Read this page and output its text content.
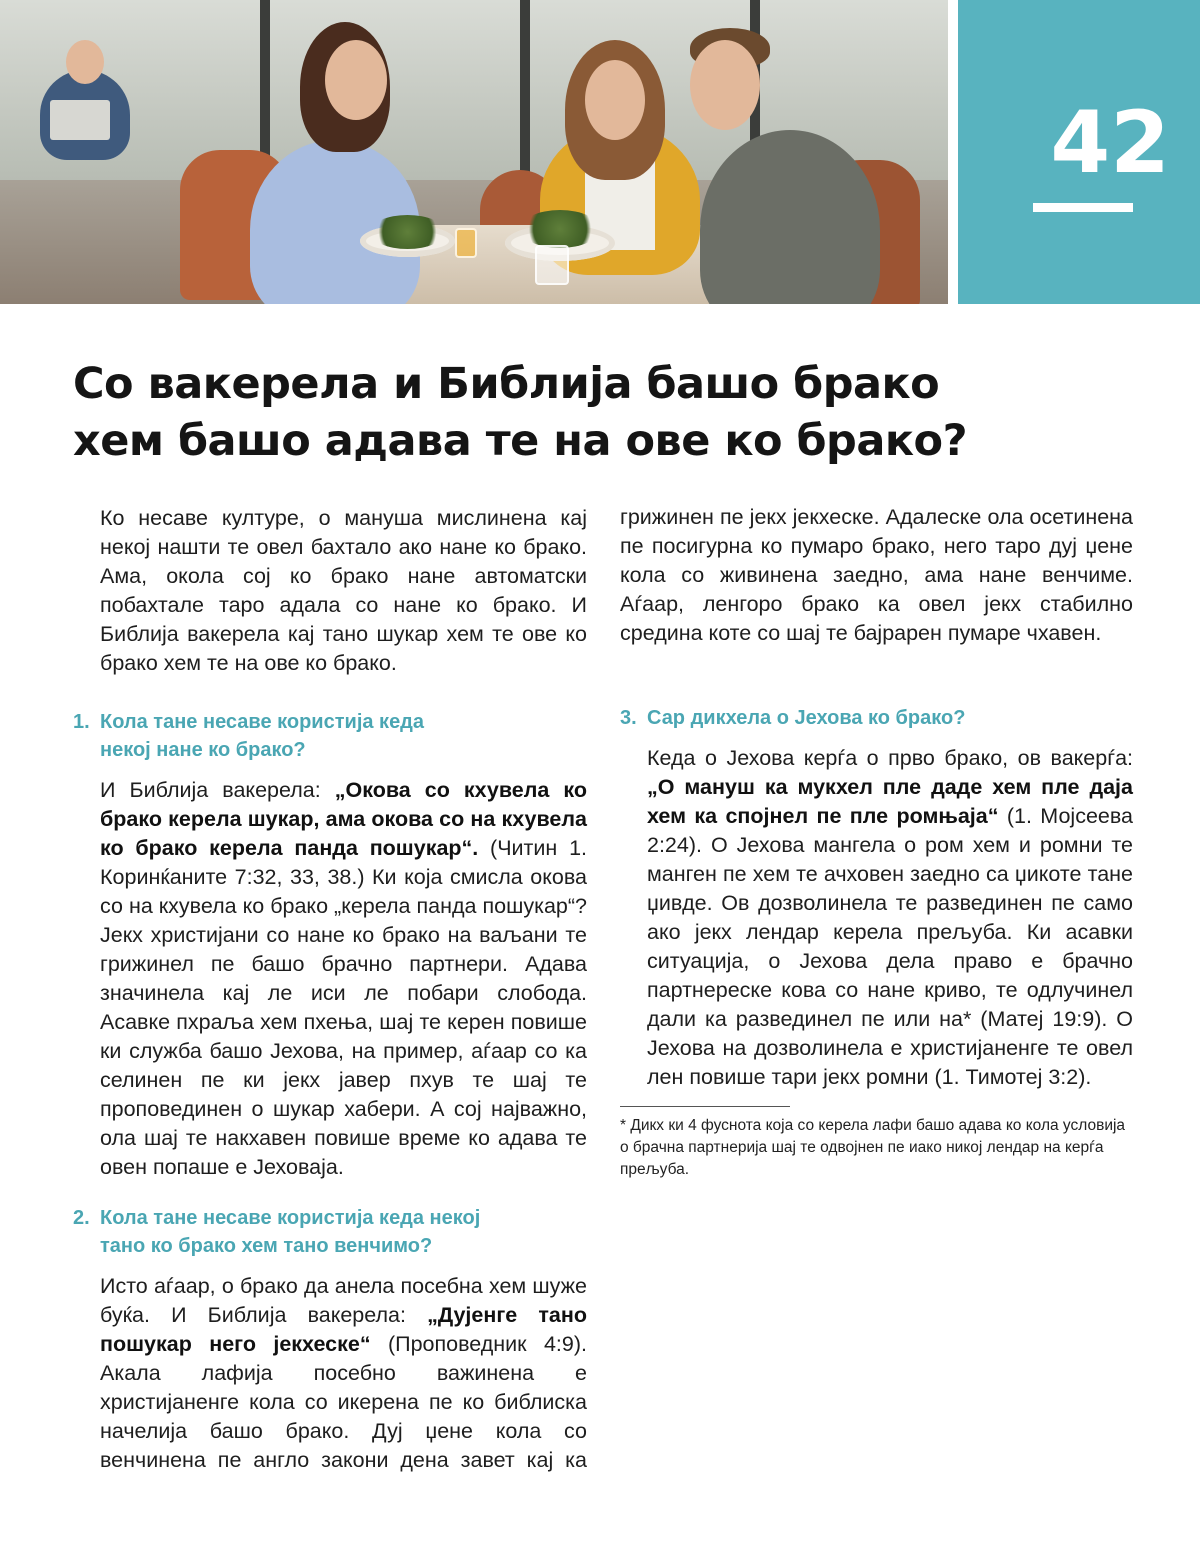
42
Со вакерела и Библија башо брако
хем башо адава те на ове ко брако?

Ко несаве културе, о мануша мислинена кај некој нашти те овел бахтало ако нане ко брако. Ама, окола сој ко брако нане автоматски побахтале таро адала со нане ко брако. И Библија вакерела кај тано шукар хем те ове ко брако хем те на ове ко брако.

1. Кола тане несаве користија кеда
некој нане ко брако?

И Библија вакерела: „Окова со кхувела ко брако керела шукар, ама окова со на кхувела ко брако керела панда пошукар“. (Читин 1. Коринќаните 7:32, 33, 38.) Ки која смисла окова со на кхувела ко брако „керела панда пошукар“? Јекх христијани со нане ко брако на ваљани те грижинел пе башо брачно партнери. Адава значинела кај ле иси ле побари слобода. Асавке пхраља хем пхења, шај те керен повише ки служба башо Јехова, на пример, аѓаар со ка селинен пе ки јекх јавер пхув те шај те проповединен о шукар хабери. А сој најважно, ола шај те накхавен повише време ко адава те овен попаше е Јеховаја.

2. Кола тане несаве користија кеда некој
тано ко брако хем тано венчимо?

Исто аѓаар, о брако да анела посебна хем шуже буќа. И Библија вакерела: „Дујенге тано пошукар него јекхеске“ (Проповедник 4:9). Акала лафија посебно важинена е христијаненге кола со икерена пе ко библиска начелија башо брако. Дуј џене кола со венчинена пе англо закони дена завет кај ка

грижинен пе јекх јекхеске. Адалеске ола осетинена пе посигурна ко пумаро брако, него таро дуј џене кола со живинена заедно, ама нане венчиме. Аѓаар, ленгоро брако ка овел јекх стабилно средина коте со шај те бајрарен пумаре чхавен.

3. Сар дикхела о Јехова ко брако?

Кеда о Јехова керѓа о прво брако, ов вакерѓа: „О мануш ка мукхел пле даде хем пле даја хем ка спојнел пе пле ромњаја“ (1. Мојсеева 2:24). О Јехова мангела о ром хем и ромни те манген пе хем те ачховен заедно са џикоте тане џивде. Ов дозволинела те развединен пе само ако јекх лендар керела прељуба. Ки асавки ситуација, о Јехова дела право е брачно партнереске кова со нане криво, те одлучинел дали ка развединел пе или на* (Матеј 19:9). О Јехова на дозволинела е христијаненге те овел лен повише тари јекх ромни (1. Тимотеј 3:2).

* Дикх ки 4 фуснота која со керела лафи башо адава ко кола условија о брачна партнерија шај те одвојнен пе иако никој лендар на керѓа прељуба.
